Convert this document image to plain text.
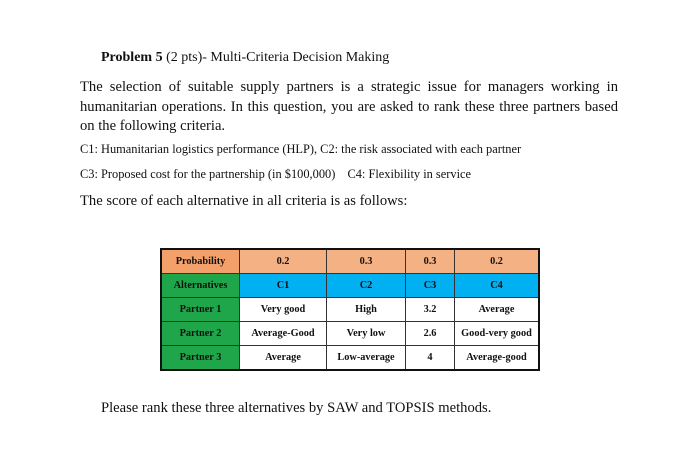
Problem 5 (2 pts)- Multi-Criteria Decision Making
The selection of suitable supply partners is a strategic issue for managers working in humanitarian operations. In this question, you are asked to rank these three partners based on the following criteria.
C1: Humanitarian logistics performance (HLP), C2: the risk associated with each partner
C3: Proposed cost for the partnership (in $100,000) C4: Flexibility in service
The score of each alternative in all criteria is as follows:
Probability	0.2	0.3	0.3	0.2
Alternatives	C1	C2	C3	C4
Partner 1	Very good	High	3.2	Average
Partner 2	Average-Good	Very low	2.6	Good-very good
Partner 3	Average	Low-average	4	Average-good
Please rank these three alternatives by SAW and TOPSIS methods.
